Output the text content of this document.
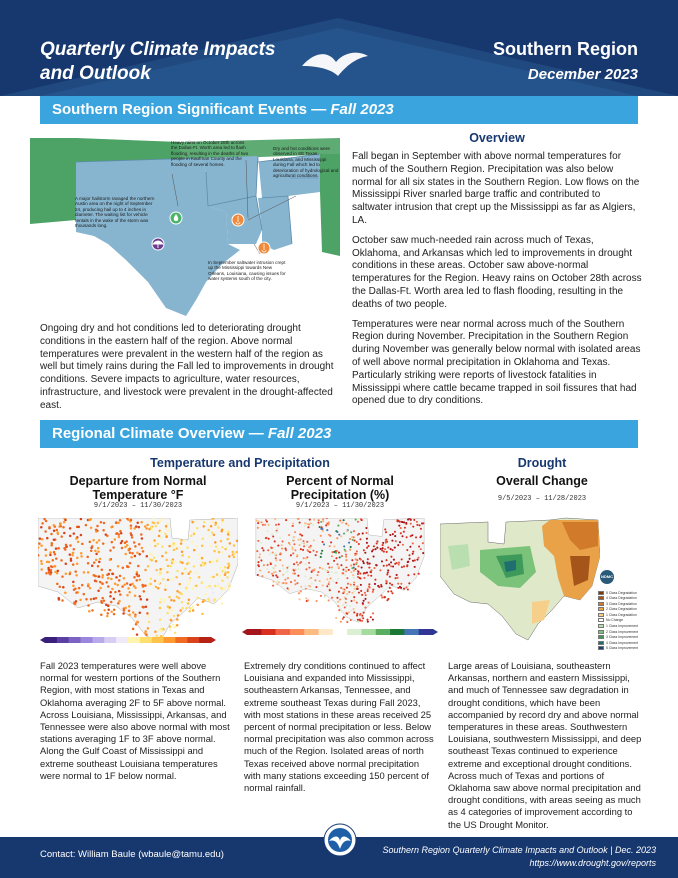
Quarterly Climate Impacts
and Outlook
Southern Region
December 2023
Southern Region Significant Events — Fall 2023
Heavy rains on October 28th across the Dallas-Ft. Worth area led to flash flooding, resulting in the deaths of two people in Kaufman County and the flooding of several homes.
A major hailstorm ravaged the northern Austin area on the night of September 24, producing hail up to 4 inches in diameter. The waiting list for vehicle rentals in the wake of the storm was thousands long.
Dry and hot conditions were observed in SE Texas, Louisiana, and Mississippi during Fall which led to deterioration of hydrological and agricultural conditions.
In September saltwater intrusion crept up the Mississippi towards New Orleans, Louisiana, causing issues for water systems south of the city.
Ongoing dry and hot conditions led to deteriorating drought conditions in the eastern half of the region. Above normal temperatures were prevalent in the western half of the region as well but timely rains during the Fall led to improvements in drought conditions. Severe impacts to agriculture, water resources, infrastructure, and livestock were prevalent in the drought-affected east.
Overview

Fall began in September with above normal temperatures for much of the Southern Region. Precipitation was also below normal for all six states in the Southern Region. Low flows on the Mississippi River snarled barge traffic and contributed to saltwater intrusion that crept up the Mississippi as far as Algiers, LA.

October saw much-needed rain across much of Texas, Oklahoma, and Arkansas which led to improvements in drought conditions in these areas. October saw above-normal temperatures for the Region. Heavy rains on October 28th across the Dallas-Ft. Worth area led to flash flooding, resulting in the deaths of two people.

Temperatures were near normal across much of the Southern Region during November. Precipitation in the Southern Region during November was generally below normal with isolated areas of well above normal precipitation in Oklahoma and Texas. Particularly striking were reports of livestock fatalities in Mississippi where cattle became trapped in soil fissures that had opened due to dry conditions.

Regional Climate Overview — Fall 2023
Temperature and Precipitation	Drought
Departure from Normal
Temperature °F
9/1/2023 – 11/30/2023
Percent of Normal
Precipitation (%)
9/1/2023 – 11/30/2023
Overall Change
9/5/2023 – 11/28/2023
NDMC
5 Class Degradation
4 Class Degradation
3 Class Degradation
2 Class Degradation
1 Class Degradation
No Change
1 Class Improvement
2 Class Improvement
3 Class Improvement
4 Class Improvement
5 Class Improvement
Fall 2023 temperatures were well above normal for western portions of the Southern Region, with most stations in Texas and Oklahoma averaging 2F to 5F above normal. Across Louisiana, Mississippi, Arkansas, and Tennessee were also above normal with most stations averaging 1F to 3F above normal. Along the Gulf Coast of Mississippi and extreme southeast Louisiana temperatures were normal to 1F below normal.
Extremely dry conditions continued to affect Louisiana and expanded into Mississippi, southeastern Arkansas, Tennessee, and extreme southeast Texas during Fall 2023, with most stations in these areas received 25 percent of normal precipitation or less. Below normal precipitation was also common across much of the Region. Isolated areas of north Texas received above normal precipitation with many stations exceeding 150 percent of normal rainfall.
Large areas of Louisiana, southeastern Arkansas, northern and eastern Mississippi, and much of Tennessee saw degradation in drought conditions, which have been accompanied by record dry and above normal temperatures in these areas. Southwestern Louisiana, southwestern Mississippi, and deep southeast Texas continued to experience extreme and exceptional drought conditions. Across much of Texas and portions of Oklahoma saw above normal precipitation and drought conditions, with areas seeing as much as 4 categories of improvement according to the US Drought Monitor.
Contact: William Baule (wbaule@tamu.edu)	Southern Region Quarterly Climate Impacts and Outlook | Dec. 2023
https://www.drought.gov/reports
